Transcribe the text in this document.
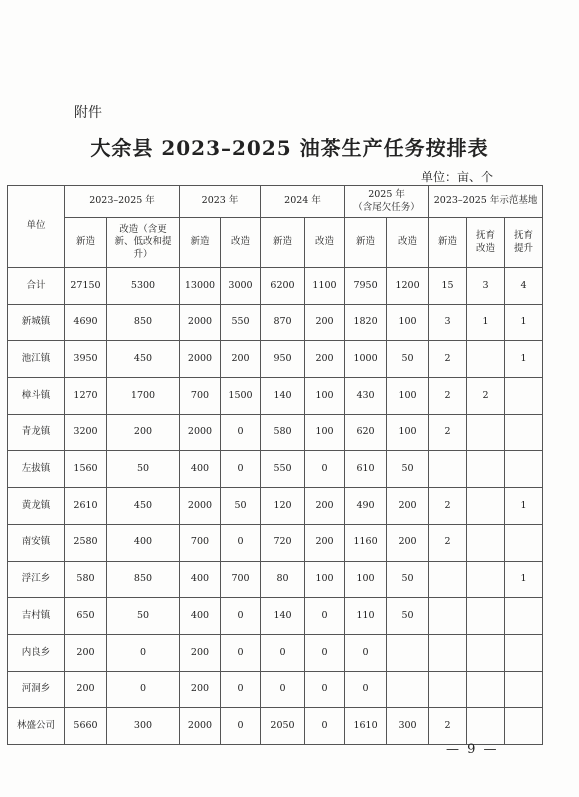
附件
大余县 2023–2025 油茶生产任务按排表
单位：亩、个
单位	2023–2025 年		2023 年		2024 年		2025 年
（含尾欠任务）		2023–2025 年示范基地		
	新造	改造（含更新、低改和提升）	新造	改造	新造	改造	新造	改造	新造	抚育改造	抚育提升
合计	27150	5300	13000	3000	6200	1100	7950	1200	15	3	4
新城镇	4690	850	2000	550	870	200	1820	100	3	1	1
池江镇	3950	450	2000	200	950	200	1000	50	2		1
樟斗镇	1270	1700	700	1500	140	100	430	100	2	2	
青龙镇	3200	200	2000	0	580	100	620	100	2		
左拔镇	1560	50	400	0	550	0	610	50			
黄龙镇	2610	450	2000	50	120	200	490	200	2		1
南安镇	2580	400	700	0	720	200	1160	200	2		
浮江乡	580	850	400	700	80	100	100	50			1
吉村镇	650	50	400	0	140	0	110	50			
内良乡	200	0	200	0	0	0	0				
河洞乡	200	0	200	0	0	0	0				
林盛公司	5660	300	2000	0	2050	0	1610	300	2		
— 9 —
